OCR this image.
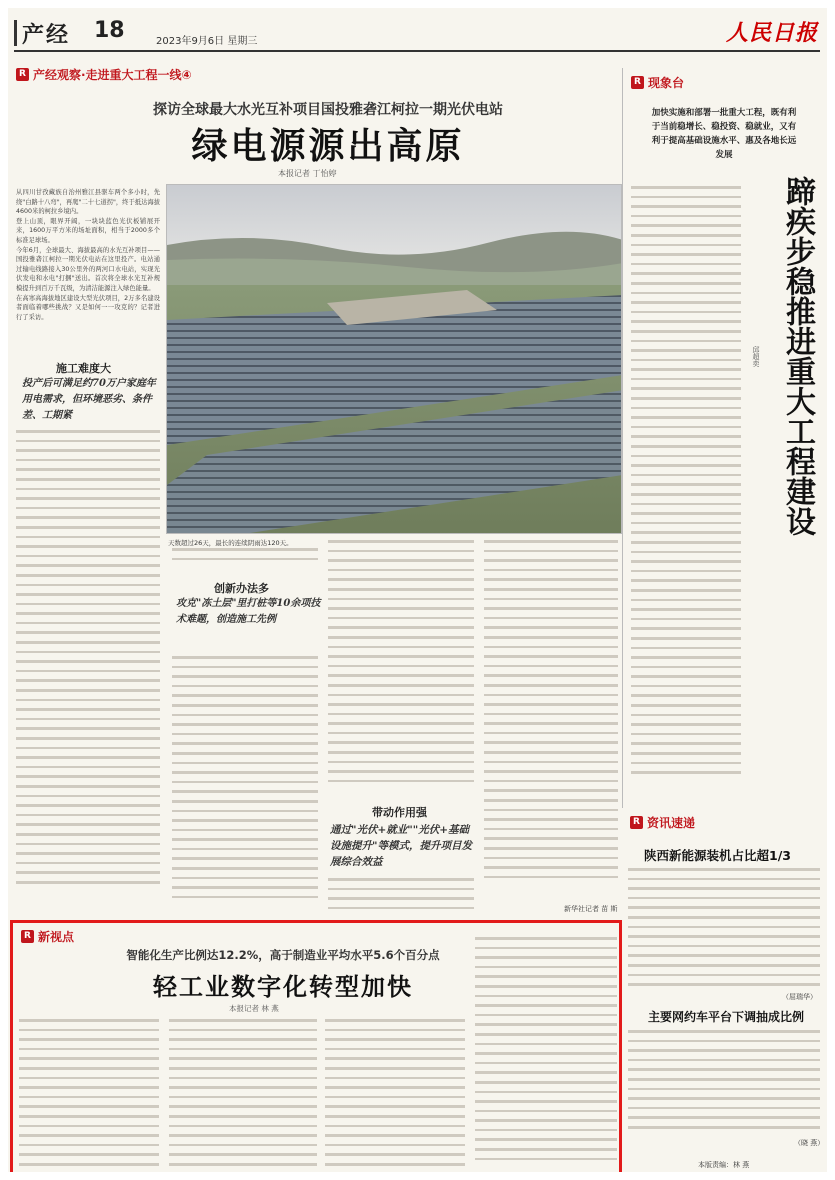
产经 18	2023年9月6日 星期三	人民日报
R 产经观察·走进重大工程一线④
探访全球最大水光互补项目国投雅砻江柯拉一期光伏电站
绿电源源出高原
本报记者 丁怡婷

从四川甘孜藏族自治州雅江县驱车两个多小时，先绕"白路十八弯"，再爬"二十七道拐"，终于抵达海拔4600米的柯拉乡境内。

登上山顶，眼界开阔，一块块蓝色光伏板铺展开来，1600万平方米的场址面积，相当于2000多个标准足球场。

今年6月，全球最大、海拔最高的水光互补项目——国投雅砻江柯拉一期光伏电站在这里投产。电站通过输电线路接入30公里外的两河口水电站，实现光伏发电和水电"打捆"送出。首次将全球水光互补规模提升到百万千瓦级，为清洁能源注入绿色能量。

在高寒高海拔地区建设大型光伏项目，2万多名建设者面临着哪些挑战？又是如何一一攻克的？记者进行了采访。

施工难度大
投产后可满足约70万户家庭年用电需求，但环境恶劣、条件差、工期紧
天数超过26天，最长的连续阴雨达120天。
创新办法多
攻克"冻土层"里打桩等10余项技术难题，创造施工先例
带动作用强
通过"光伏+就业""光伏+基础设施提升"等模式，提升项目发展综合效益
新华社记者 苗 斯
R 现象台
加快实施和部署一批重大工程，既有利于当前稳增长、稳投资、稳就业，又有利于提高基础设施水平、惠及各地长远发展
蹄疾步稳推进重大工程建设
邱超奕
R 资讯速递
陕西新能源装机占比超1/3
（屈瑞华）
主要网约车平台下调抽成比例
（晓 燕）
R 新视点
智能化生产比例达12.2%，高于制造业平均水平5.6个百分点
轻工业数字化转型加快
本报记者 林 燕
本版责编：林 燕
